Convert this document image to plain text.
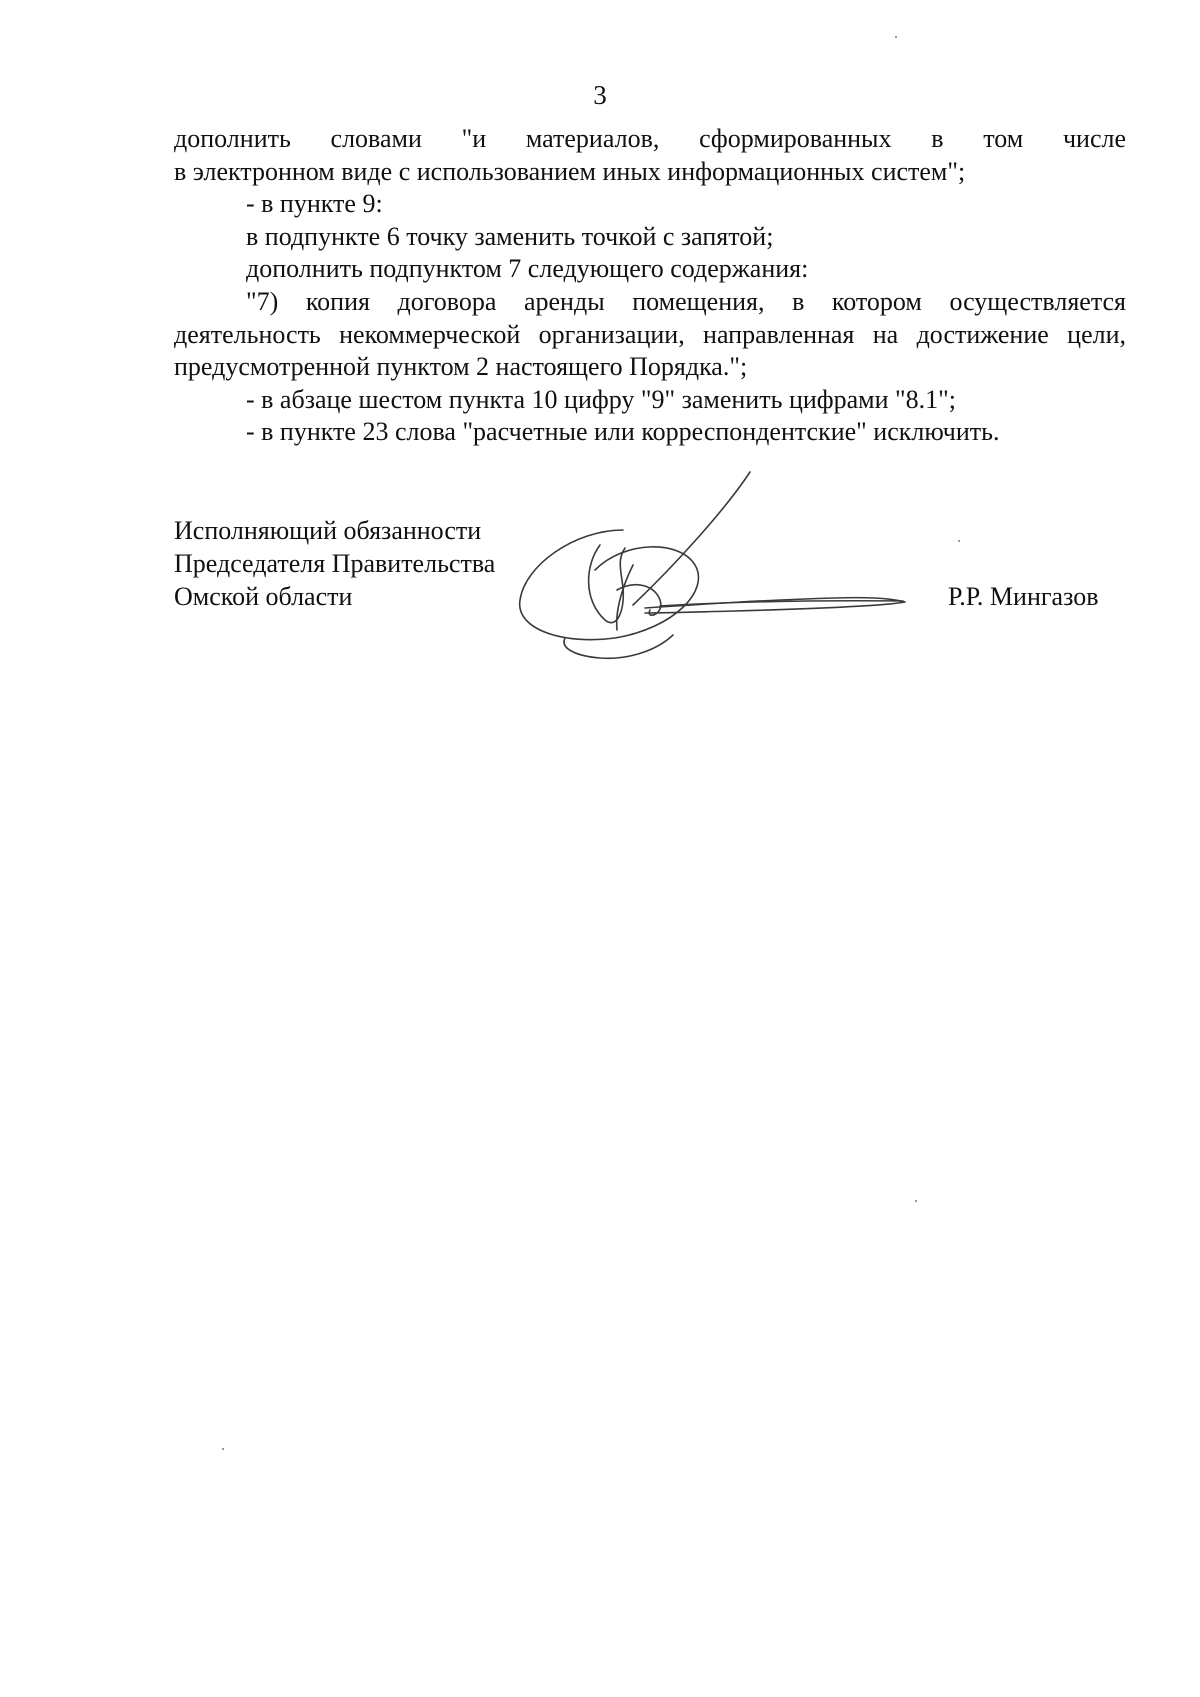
3

дополнить словами "и материалов, сформированных в том числе

в электронном виде с использованием иных информационных систем";

- в пункте 9:

в подпункте 6 точку заменить точкой с запятой;

дополнить подпунктом 7 следующего содержания:

"7) копия договора аренды помещения, в котором осуществляется деятельность некоммерческой организации, направленная на достижение цели, предусмотренной пунктом 2 настоящего Порядка.";

- в абзаце шестом пункта 10 цифру "9" заменить цифрами "8.1";

- в пункте 23 слова "расчетные или корреспондентские" исключить.

Исполняющий обязанности
Председателя Правительства
Омской области	Р.Р. Мингазов
